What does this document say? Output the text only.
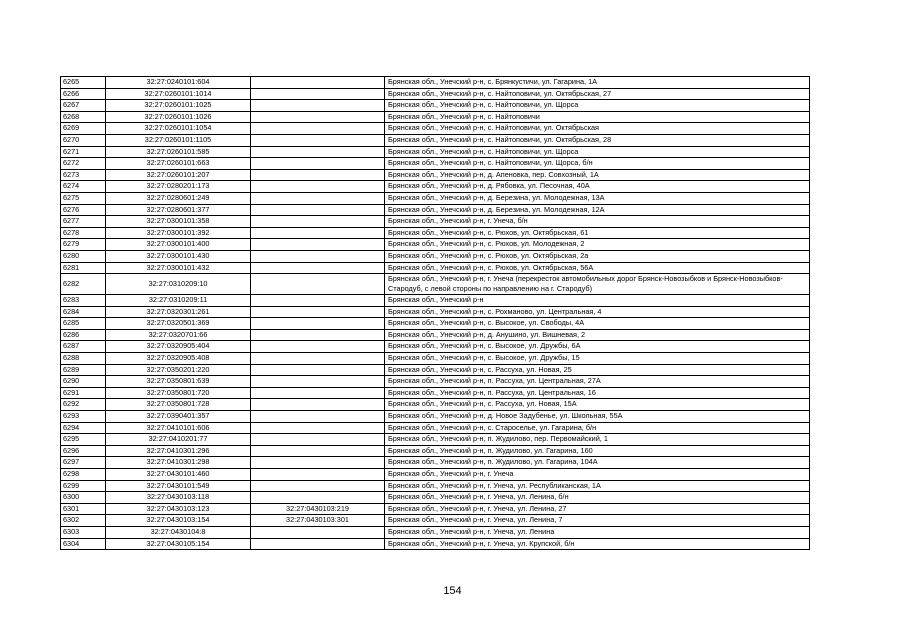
6265	32:27:0240101:604		Брянская обл., Унечский р-н, с. Брянкустичи, ул. Гагарина, 1А
6266	32:27:0260101:1014		Брянская обл., Унечский р-н, с. Найтоповичи, ул. Октябрьская, 27
6267	32:27:0260101:1025		Брянская обл., Унечский р-н, с. Найтоповичи, ул. Щорса
6268	32:27:0260101:1026		Брянская обл., Унечский р-н, с. Найтоповичи
6269	32:27:0260101:1054		Брянская обл., Унечский р-н, с. Найтоповичи, ул. Октябрьская
6270	32:27:0260101:1105		Брянская обл., Унечский р-н, с. Найтоповичи, ул. Октябрьская, 28
6271	32:27:0260101:585		Брянская обл., Унечский р-н, с. Найтоповичи, ул. Щорса
6272	32:27:0260101:663		Брянская обл., Унечский р-н, с. Найтоповичи, ул. Щорса, б/н
6273	32:27:0260101:207		Брянская обл., Унечский р-н, д. Апеновка, пер. Совхозный, 1А
6274	32:27:0280201:173		Брянская обл., Унечский р-н, д. Рябовка, ул. Песочная, 40А
6275	32:27:0280601:249		Брянская обл., Унечский р-н, д. Березина, ул. Молодежная, 13А
6276	32:27:0280601:377		Брянская обл., Унечский р-н, д. Березина, ул. Молодежная, 12А
6277	32:27:0300101:358		Брянская обл., Унечский р-н, г. Унеча, б/н
6278	32:27:0300101:392		Брянская обл., Унечский р-н, с. Рюхов, ул. Октябрьская, 61
6279	32:27:0300101:400		Брянская обл., Унечский р-н, с. Рюхов, ул. Молодежная, 2
6280	32:27:0300101:430		Брянская обл., Унечский р-н, с. Рюхов, ул. Октябрьская, 2а
6281	32:27:0300101:432		Брянская обл., Унечский р-н, с. Рюхов, ул. Октябрьская, 56А
6282	32:27:0310209:10		Брянская обл., Унечский р-н, г. Унеча (перекресток автомобильных дорог Брянск-Новозыбков и Брянск-Новозыбков-Стародуб, с левой стороны по направлению на г. Стародуб)
6283	32:27:0310209:11		Брянская обл., Унечский р-н
6284	32:27:0320301:261		Брянская обл., Унечский р-н, с. Рохманово, ул. Центральная, 4
6285	32:27:0320501:369		Брянская обл., Унечский р-н, с. Высокое, ул. Свободы, 4А
6286	32:27:0320701:66		Брянская обл., Унечский р-н, д. Анушино, ул. Вишневая, 2
6287	32:27:0320905:404		Брянская обл., Унечский р-н, с. Высокое, ул. Дружбы, 6А
6288	32:27:0320905:408		Брянская обл., Унечский р-н, с. Высокое, ул. Дружбы, 15
6289	32:27:0350201:220		Брянская обл., Унечский р-н, с. Рассуха, ул. Новая, 25
6290	32:27:0350801:639		Брянская обл., Унечский р-н, п. Рассуха, ул. Центральная, 27А
6291	32:27:0350801:720		Брянская обл., Унечский р-н, п. Рассуха, ул. Центральная, 16
6292	32:27:0350801:728		Брянская обл., Унечский р-н, с. Рассуха, ул. Новая, 15А
6293	32:27:0390401:357		Брянская обл., Унечский р-н, д. Новое Задубенье, ул. Школьная, 55А
6294	32:27:0410101:606		Брянская обл., Унечский р-н, с. Староселье, ул. Гагарина, б/н
6295	32:27:0410201:77		Брянская обл., Унечский р-н, п. Жудилово, пер. Первомайский, 1
6296	32:27:0410301:296		Брянская обл., Унечский р-н, п. Жудилово, ул. Гагарина, 160
6297	32:27:0410301:298		Брянская обл., Унечский р-н, п. Жудилово, ул. Гагарина, 104А
6298	32:27:0430101:460		Брянская обл., Унечский р-н, г. Унеча
6299	32:27:0430101:549		Брянская обл., Унечский р-н, г. Унеча, ул. Республиканская, 1А
6300	32:27:0430103:118		Брянская обл., Унечский р-н, г. Унеча, ул. Ленина, б/н
6301	32:27:0430103:123	32:27:0430103:219	Брянская обл., Унечский р-н, г. Унеча, ул. Ленина, 27
6302	32:27:0430103:154	32:27:0430103:301	Брянская обл., Унечский р-н, г. Унеча, ул. Ленина, 7
6303	32:27:0430104:8		Брянская обл., Унечский р-н, г. Унеча, ул. Ленина
6304	32:27:0430105:154		Брянская обл., Унечский р-н, г. Унеча, ул. Крупской, б/н
154
